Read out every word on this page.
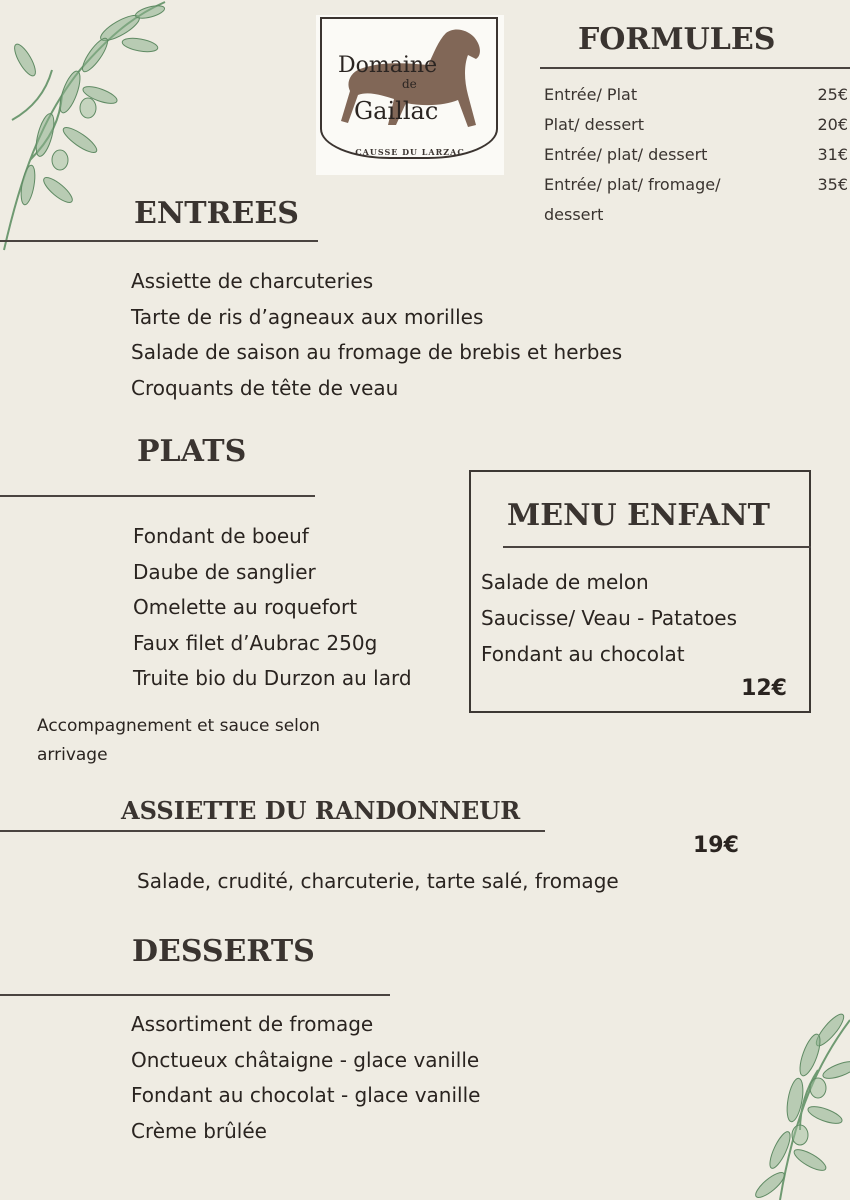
Domaine
de
Gaillac
CAUSSE DU LARZAC
FORMULES
Entrée/ Plat	25€
Plat/ dessert	20€
Entrée/ plat/ dessert	31€
Entrée/ plat/ fromage/	35€
dessert
ENTREES
Assiette de charcuteries
Tarte de ris d’agneaux aux morilles
Salade de saison au fromage de brebis et herbes
Croquants de tête de veau
PLATS
Fondant de boeuf
Daube de sanglier
Omelette au roquefort
Faux filet d’Aubrac 250g
Truite bio du Durzon au lard
Accompagnement et sauce selon
arrivage
MENU ENFANT
Salade de melon
Saucisse/ Veau - Patatoes
Fondant au chocolat
12€
ASSIETTE DU RANDONNEUR
19€
Salade, crudité, charcuterie, tarte salé, fromage
DESSERTS
Assortiment de fromage
Onctueux châtaigne - glace vanille
Fondant au chocolat - glace vanille
Crème brûlée
